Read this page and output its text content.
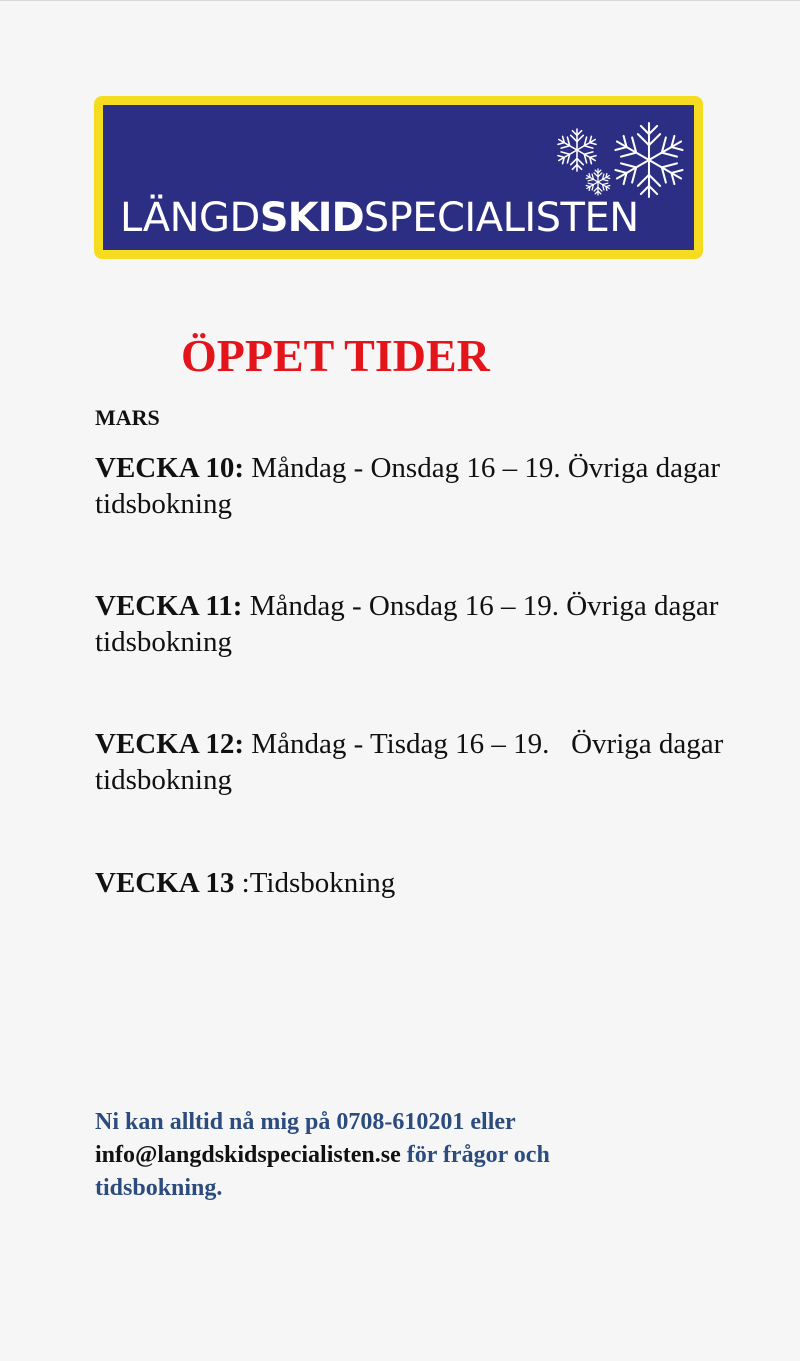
LÄNGDSKIDSPECIALISTEN
ÖPPET TIDER
MARS
VECKA 10: Måndag - Onsdag 16 – 19. Övriga dagar tidsbokning
VECKA 11: Måndag - Onsdag 16 – 19. Övriga dagar tidsbokning
VECKA 12: Måndag - Tisdag 16 – 19.   Övriga dagar tidsbokning
VECKA 13 :Tidsbokning

Ni kan alltid nå mig på 0708-610201 eller info@langdskidspecialisten.se för frågor och tidsbokning.
